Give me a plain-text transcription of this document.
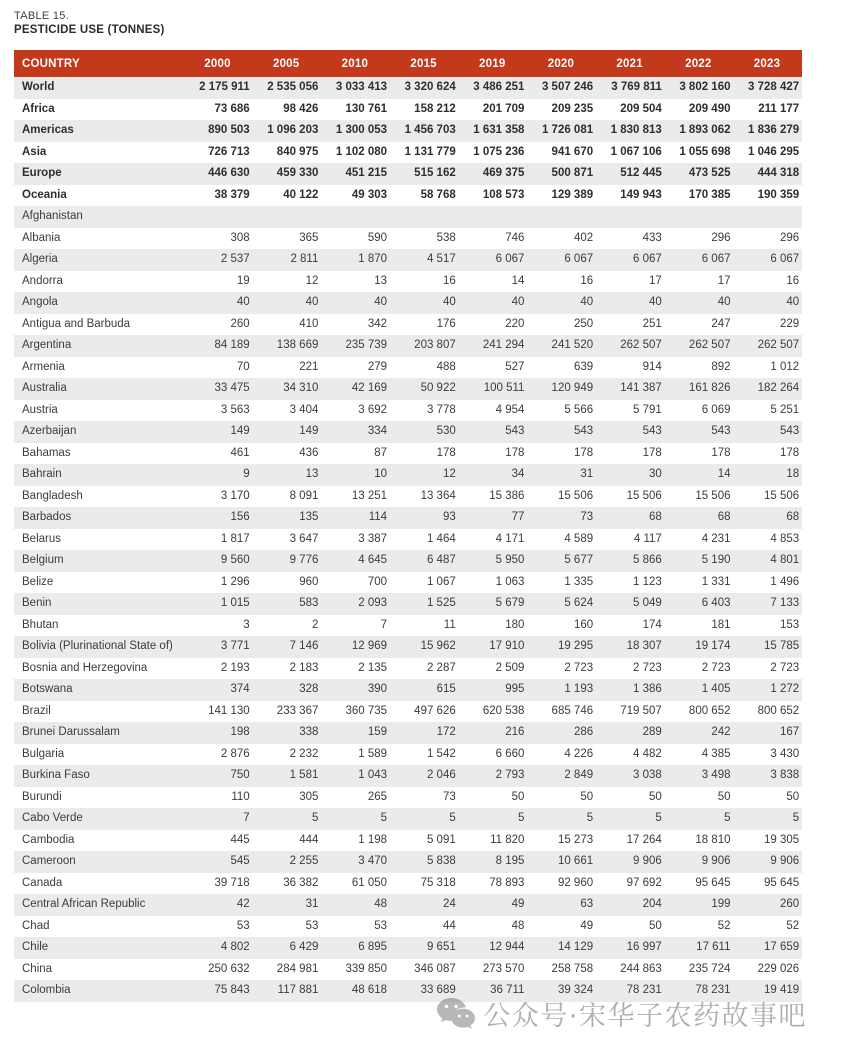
TABLE 15.
PESTICIDE USE (TONNES)
COUNTRY	2000	2005	2010	2015	2019	2020	2021	2022	2023
World	2 175 911	2 535 056	3 033 413	3 320 624	3 486 251	3 507 246	3 769 811	3 802 160	3 728 427
Africa	73 686	98 426	130 761	158 212	201 709	209 235	209 504	209 490	211 177
Americas	890 503	1 096 203	1 300 053	1 456 703	1 631 358	1 726 081	1 830 813	1 893 062	1 836 279
Asia	726 713	840 975	1 102 080	1 131 779	1 075 236	941 670	1 067 106	1 055 698	1 046 295
Europe	446 630	459 330	451 215	515 162	469 375	500 871	512 445	473 525	444 318
Oceania	38 379	40 122	49 303	58 768	108 573	129 389	149 943	170 385	190 359
Afghanistan									
Albania	308	365	590	538	746	402	433	296	296
Algeria	2 537	2 811	1 870	4 517	6 067	6 067	6 067	6 067	6 067
Andorra	19	12	13	16	14	16	17	17	16
Angola	40	40	40	40	40	40	40	40	40
Antigua and Barbuda	260	410	342	176	220	250	251	247	229
Argentina	84 189	138 669	235 739	203 807	241 294	241 520	262 507	262 507	262 507
Armenia	70	221	279	488	527	639	914	892	1 012
Australia	33 475	34 310	42 169	50 922	100 511	120 949	141 387	161 826	182 264
Austria	3 563	3 404	3 692	3 778	4 954	5 566	5 791	6 069	5 251
Azerbaijan	149	149	334	530	543	543	543	543	543
Bahamas	461	436	87	178	178	178	178	178	178
Bahrain	9	13	10	12	34	31	30	14	18
Bangladesh	3 170	8 091	13 251	13 364	15 386	15 506	15 506	15 506	15 506
Barbados	156	135	114	93	77	73	68	68	68
Belarus	1 817	3 647	3 387	1 464	4 171	4 589	4 117	4 231	4 853
Belgium	9 560	9 776	4 645	6 487	5 950	5 677	5 866	5 190	4 801
Belize	1 296	960	700	1 067	1 063	1 335	1 123	1 331	1 496
Benin	1 015	583	2 093	1 525	5 679	5 624	5 049	6 403	7 133
Bhutan	3	2	7	11	180	160	174	181	153
Bolivia (Plurinational State of)	3 771	7 146	12 969	15 962	17 910	19 295	18 307	19 174	15 785
Bosnia and Herzegovina	2 193	2 183	2 135	2 287	2 509	2 723	2 723	2 723	2 723
Botswana	374	328	390	615	995	1 193	1 386	1 405	1 272
Brazil	141 130	233 367	360 735	497 626	620 538	685 746	719 507	800 652	800 652
Brunei Darussalam	198	338	159	172	216	286	289	242	167
Bulgaria	2 876	2 232	1 589	1 542	6 660	4 226	4 482	4 385	3 430
Burkina Faso	750	1 581	1 043	2 046	2 793	2 849	3 038	3 498	3 838
Burundi	110	305	265	73	50	50	50	50	50
Cabo Verde	7	5	5	5	5	5	5	5	5
Cambodia	445	444	1 198	5 091	11 820	15 273	17 264	18 810	19 305
Cameroon	545	2 255	3 470	5 838	8 195	10 661	9 906	9 906	9 906
Canada	39 718	36 382	61 050	75 318	78 893	92 960	97 692	95 645	95 645
Central African Republic	42	31	48	24	49	63	204	199	260
Chad	53	53	53	44	48	49	50	52	52
Chile	4 802	6 429	6 895	9 651	12 944	14 129	16 997	17 611	17 659
China	250 632	284 981	339 850	346 087	273 570	258 758	244 863	235 724	229 026
Colombia	75 843	117 881	48 618	33 689	36 711	39 324	78 231	78 231	19 419
公众号·宋华子农药故事吧
